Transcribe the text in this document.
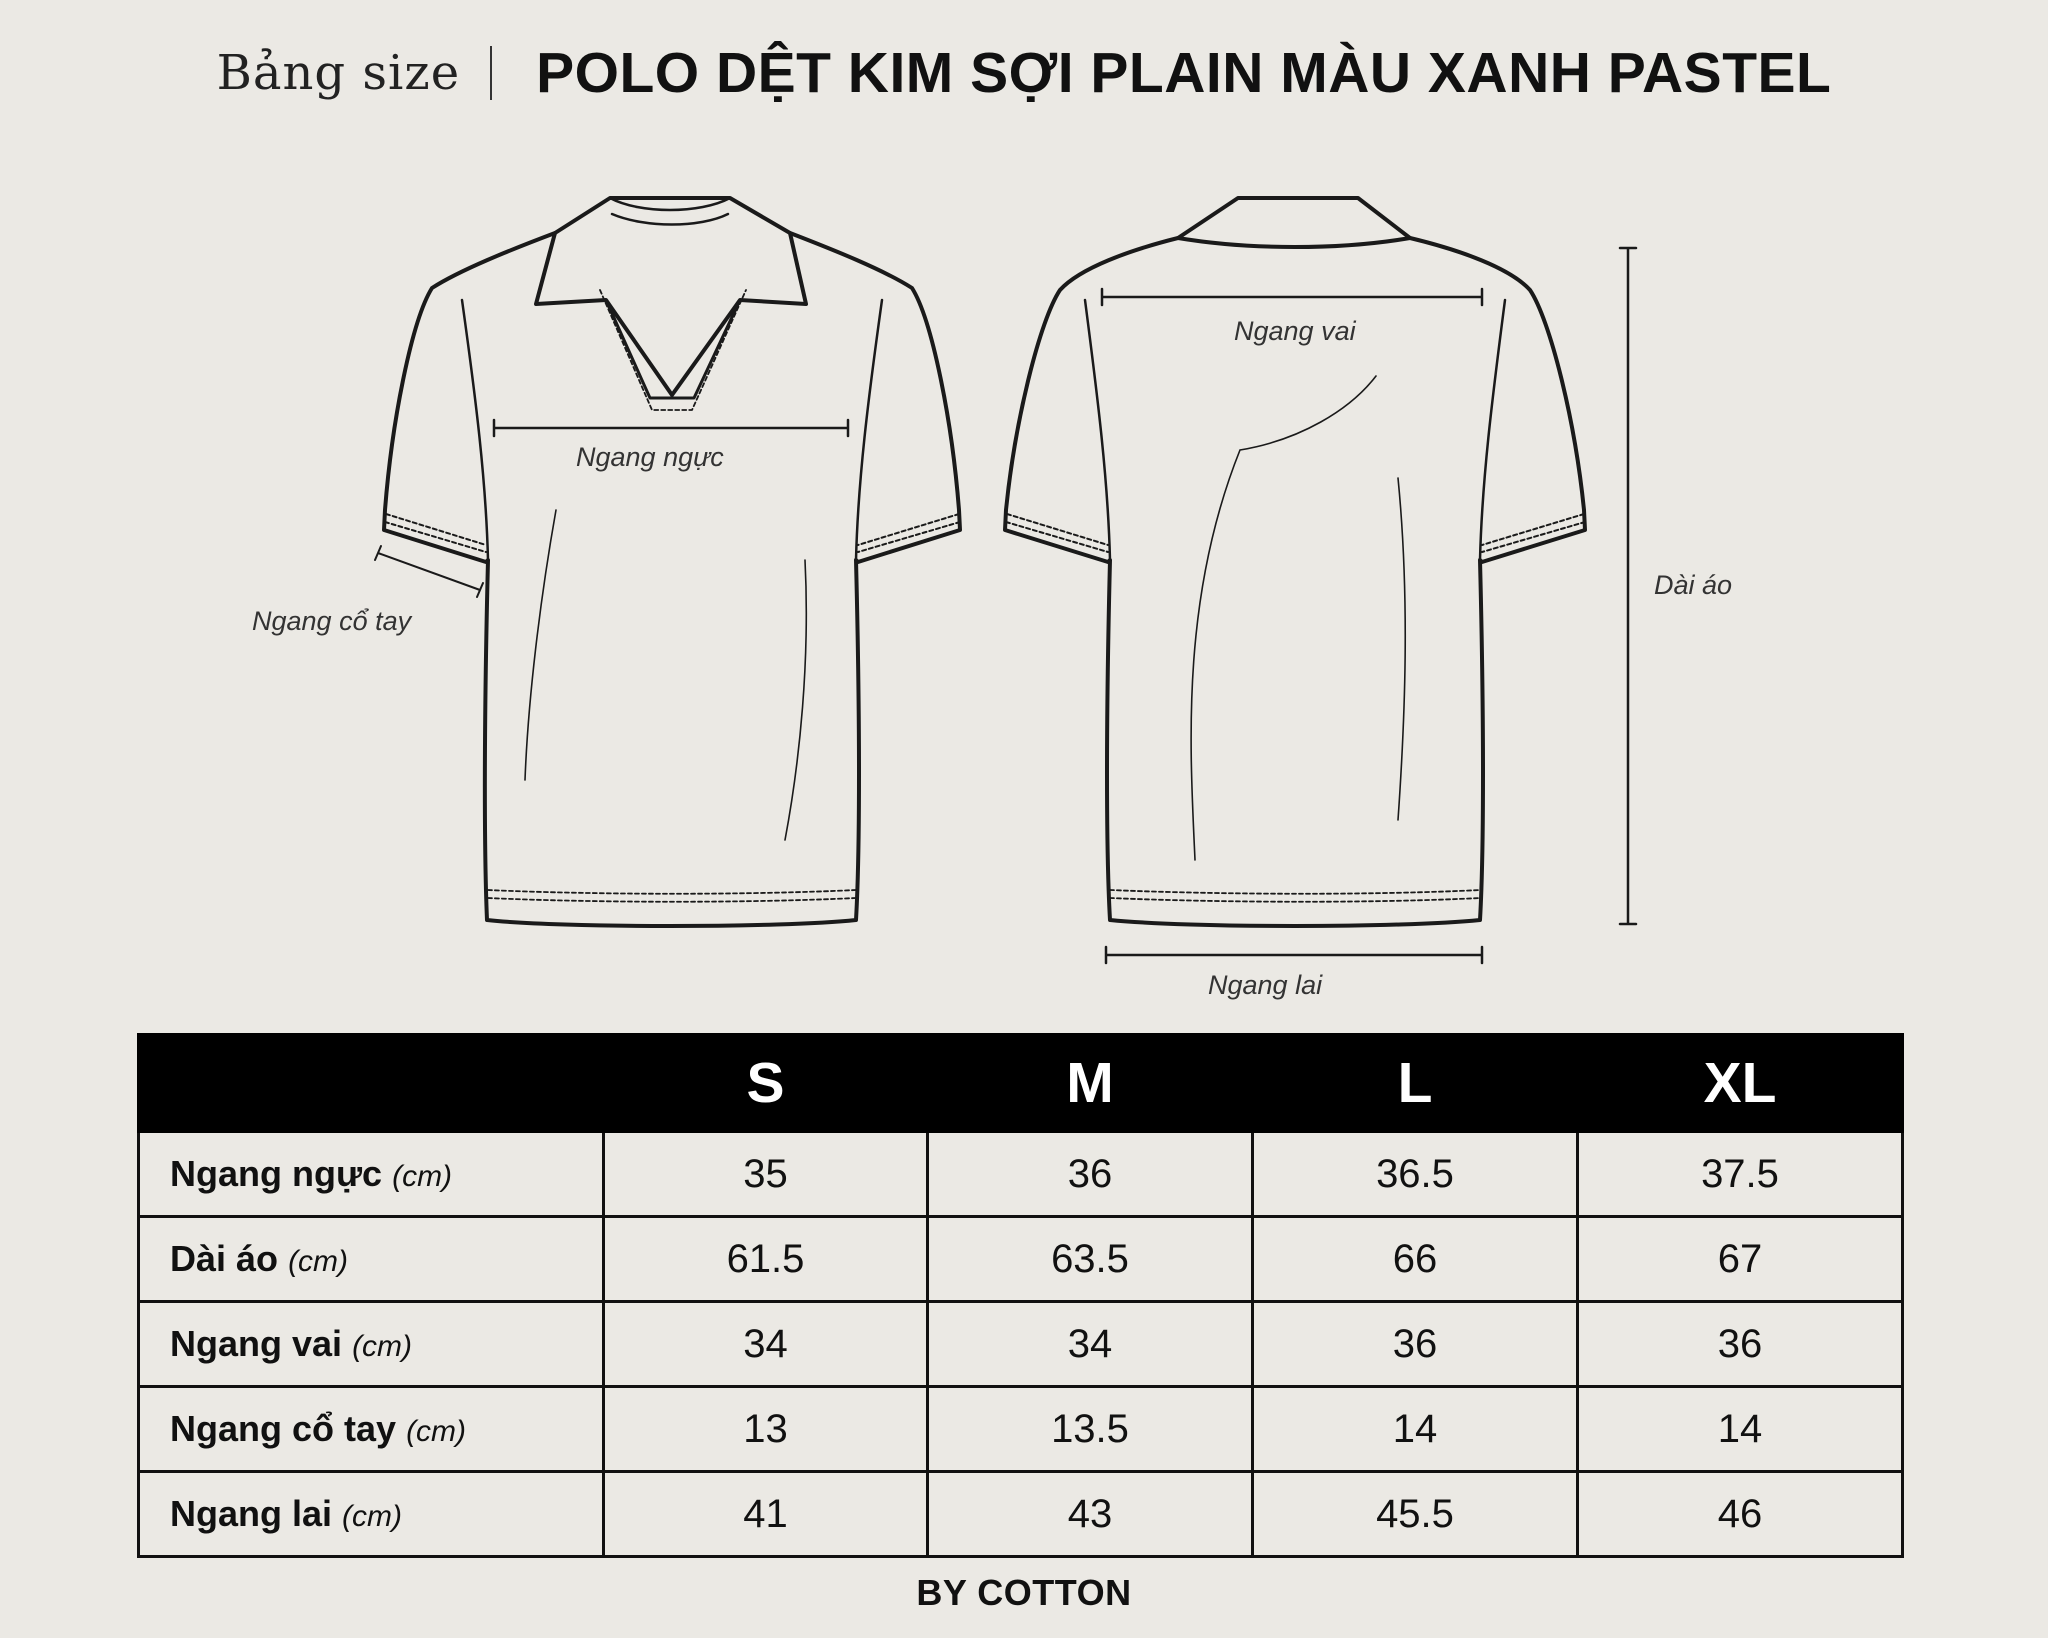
Bảng size POLO DỆT KIM SỢI PLAIN MÀU XANH PASTEL
Ngang ngực
Ngang cổ tay
Ngang vai
Dài áo
Ngang lai
	S	M	L	XL
Ngang ngực (cm)	35	36	36.5	37.5
Dài áo (cm)	61.5	63.5	66	67
Ngang vai (cm)	34	34	36	36
Ngang cổ tay (cm)	13	13.5	14	14
Ngang lai (cm)	41	43	45.5	46
BY COTTON
